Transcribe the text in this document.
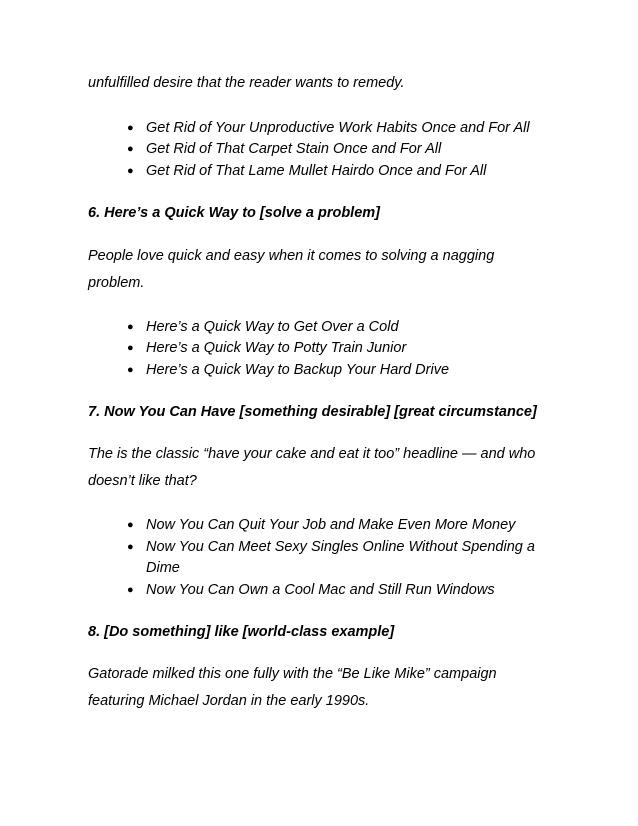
unfulfilled desire that the reader wants to remedy.
● Get Rid of Your Unproductive Work Habits Once and For All
● Get Rid of That Carpet Stain Once and For All
● Get Rid of That Lame Mullet Hairdo Once and For All
6. Here’s a Quick Way to [solve a problem]
People love quick and easy when it comes to solving a nagging
problem.
● Here’s a Quick Way to Get Over a Cold
● Here’s a Quick Way to Potty Train Junior
● Here’s a Quick Way to Backup Your Hard Drive
7. Now You Can Have [something desirable] [great circumstance]
The is the classic “have your cake and eat it too” headline — and who
doesn’t like that?
● Now You Can Quit Your Job and Make Even More Money
● Now You Can Meet Sexy Singles Online Without Spending a
Dime
● Now You Can Own a Cool Mac and Still Run Windows
8. [Do something] like [world-class example]
Gatorade milked this one fully with the “Be Like Mike” campaign
featuring Michael Jordan in the early 1990s.
